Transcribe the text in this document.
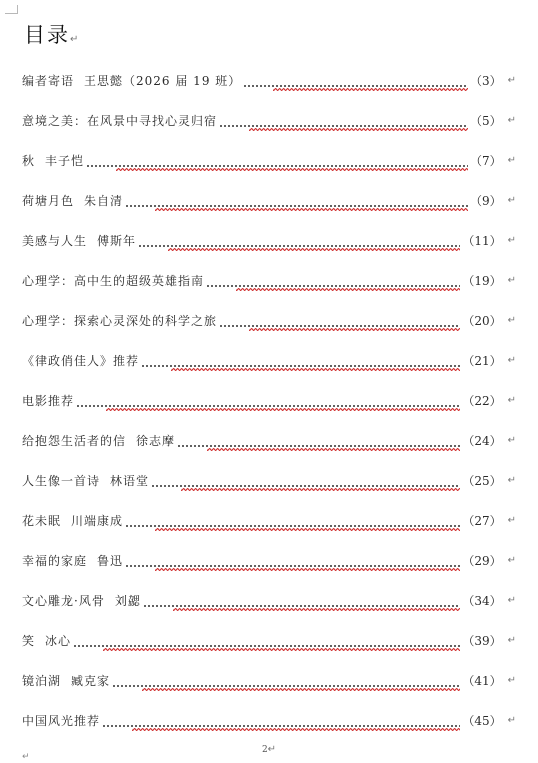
目录↵
编者寄语 王思懿（2026 届 19 班）	（3） ↵
意境之美：在风景中寻找心灵归宿	（5） ↵
秋 丰子恺	（7） ↵
荷塘月色 朱自清	（9） ↵
美感与人生 傅斯年	（11） ↵
心理学：高中生的超级英雄指南	（19） ↵
心理学：探索心灵深处的科学之旅	（20） ↵
《律政俏佳人》推荐	（21） ↵
电影推荐	（22） ↵
给抱怨生活者的信 徐志摩	（24） ↵
人生像一首诗 林语堂	（25） ↵
花未眠 川端康成	（27） ↵
幸福的家庭 鲁迅	（29） ↵
文心雕龙·风骨 刘勰	（34） ↵
笑 冰心	（39） ↵
镜泊湖 臧克家	（41） ↵
中国风光推荐	（45） ↵
2↵
↵
